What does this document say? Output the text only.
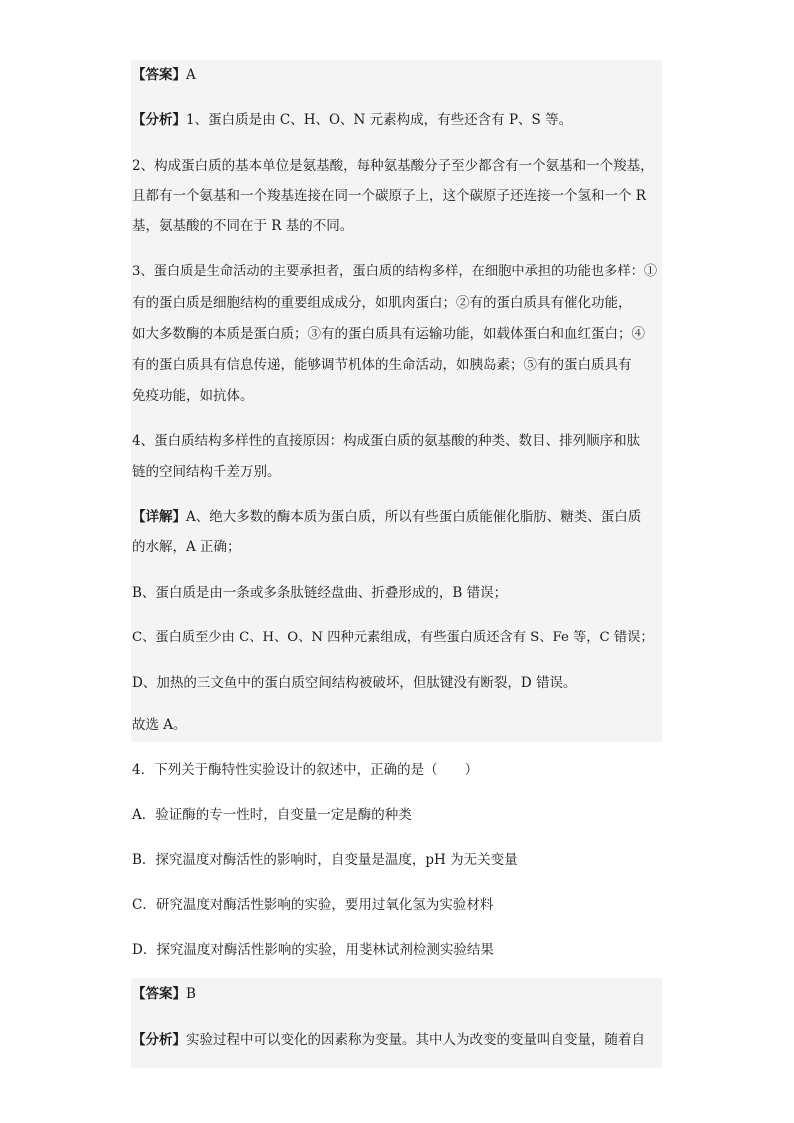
【答案】A
【分析】1、蛋白质是由 C、H、O、N 元素构成，有些还含有 P、S 等。
2、构成蛋白质的基本单位是氨基酸，每种氨基酸分子至少都含有一个氨基和一个羧基，
且都有一个氨基和一个羧基连接在同一个碳原子上，这个碳原子还连接一个氢和一个 R
基，氨基酸的不同在于 R 基的不同。
3、蛋白质是生命活动的主要承担者，蛋白质的结构多样，在细胞中承担的功能也多样：①
有的蛋白质是细胞结构的重要组成成分，如肌肉蛋白；②有的蛋白质具有催化功能，
如大多数酶的本质是蛋白质；③有的蛋白质具有运输功能，如载体蛋白和血红蛋白；④
有的蛋白质具有信息传递，能够调节机体的生命活动，如胰岛素；⑤有的蛋白质具有
免疫功能，如抗体。
4、蛋白质结构多样性的直接原因：构成蛋白质的氨基酸的种类、数目、排列顺序和肽
链的空间结构千差万别。
【详解】A、绝大多数的酶本质为蛋白质，所以有些蛋白质能催化脂肪、糖类、蛋白质
的水解，A 正确；
B、蛋白质是由一条或多条肽链经盘曲、折叠形成的，B 错误；
C、蛋白质至少由 C、H、O、N 四种元素组成，有些蛋白质还含有 S、Fe 等，C 错误；
D、加热的三文鱼中的蛋白质空间结构被破坏，但肽键没有断裂，D 错误。
故选 A。
4．下列关于酶特性实验设计的叙述中，正确的是（　　）
A．验证酶的专一性时，自变量一定是酶的种类
B．探究温度对酶活性的影响时，自变量是温度，pH 为无关变量
C．研究温度对酶活性影响的实验，要用过氧化氢为实验材料
D．探究温度对酶活性影响的实验，用斐林试剂检测实验结果
【答案】B
【分析】实验过程中可以变化的因素称为变量。其中人为改变的变量叫自变量，随着自
